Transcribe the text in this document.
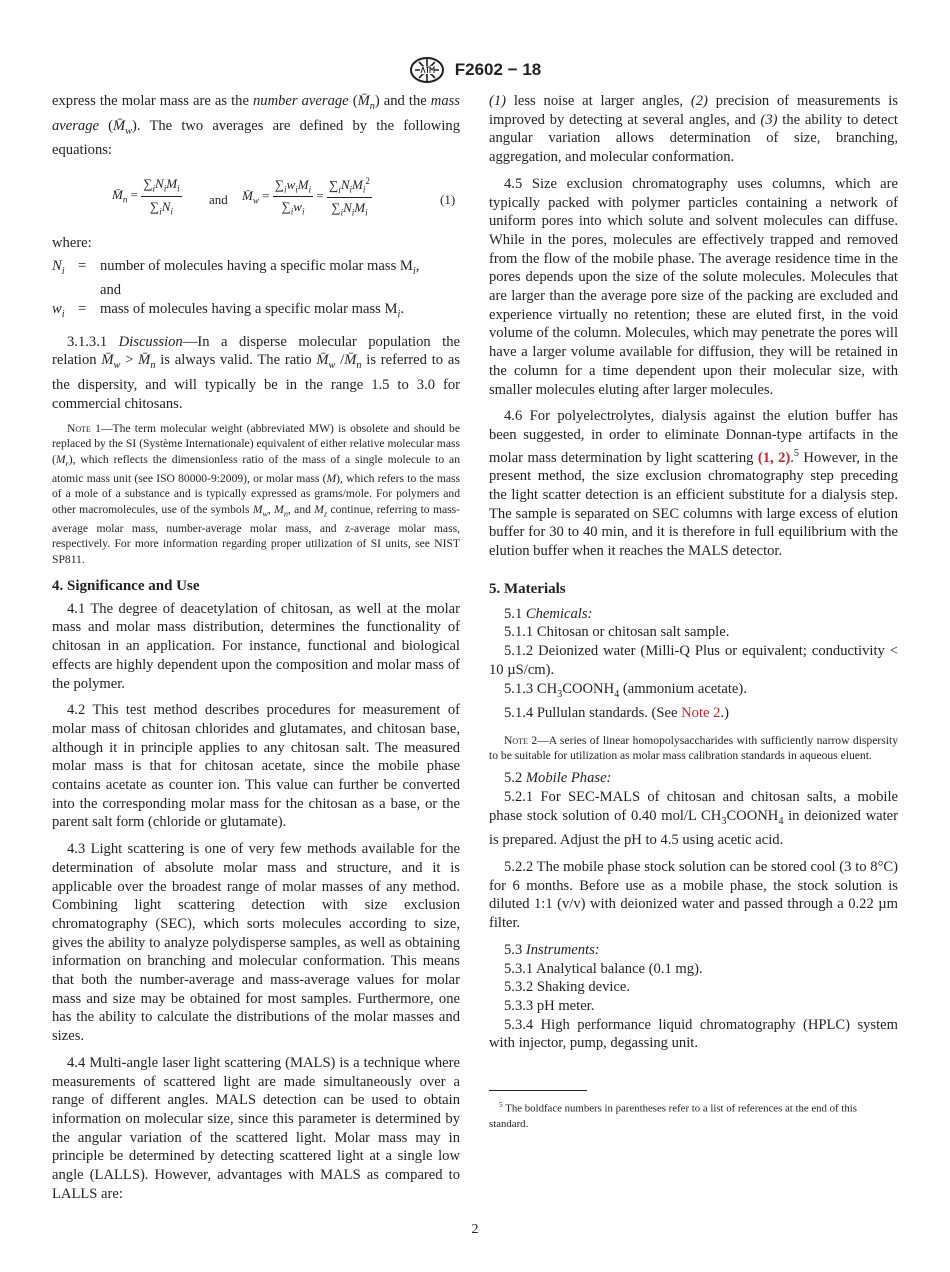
F2602 − 18

express the molar mass are as the number average $(M̄_n)$ and the mass average $(M̄_w)$. The two averages are defined by the following equations:

$M̄_n = \frac{\sum_iN_iM_i}{\sum_iN_i}$ and $M̄_w = \frac{\sum_iw_iM_i}{\sum_iw_i} = \frac{\sum_iN_iM_i^2}{\sum_iN_iM_i}$	(1)

where:

$N_i$ = number of molecules having a specific molar mass $M_i$,
and
$w_i$ = mass of molecules having a specific molar mass $M_i$.

3.1.3.1 Discussion—In a disperse molecular population the relation $M̄_w$ > $M̄_n$ is always valid. The ratio $M̄_w$ $/M̄_n$ is referred to as the dispersity, and will typically be in the range 1.5 to 3.0 for commercial chitosans.

Note 1—The term molecular weight (abbreviated MW) is obsolete and should be replaced by the SI (Système Internationale) equivalent of either relative molecular mass $(M_r)$, which reflects the dimensionless ratio of the mass of a single molecule to an atomic mass unit (see ISO 80000-9:2009), or molar mass (M), which refers to the mass of a mole of a substance and is typically expressed as grams/mole. For polymers and other macromolecules, use of the symbols $M_w$, $M_n$, and $M_z$ continue, referring to mass-average molar mass, number-average molar mass, and z-average molar mass, respectively. For more information regarding proper utilization of SI units, see NIST SP811.

4. Significance and Use

4.1 The degree of deacetylation of chitosan, as well at the molar mass and molar mass distribution, determines the functionality of chitosan in an application. For instance, functional and biological effects are highly dependent upon the composition and molar mass of the polymer.

4.2 This test method describes procedures for measurement of molar mass of chitosan chlorides and glutamates, and chitosan base, although it in principle applies to any chitosan salt. The measured molar mass is that for chitosan acetate, since the mobile phase contains acetate as counter ion. This value can further be converted into the corresponding molar mass for the chitosan as a base, or the parent salt form (chloride or glutamate).

4.3 Light scattering is one of very few methods available for the determination of absolute molar mass and structure, and it is applicable over the broadest range of molar masses of any method. Combining light scattering detection with size exclusion chromatography (SEC), which sorts molecules according to size, gives the ability to analyze polydisperse samples, as well as obtaining information on branching and molecular conformation. This means that both the number-average and mass-average values for molar mass and size may be obtained for most samples. Furthermore, one has the ability to calculate the distributions of the molar masses and sizes.

4.4 Multi-angle laser light scattering (MALS) is a technique where measurements of scattered light are made simultaneously over a range of different angles. MALS detection can be used to obtain information on molecular size, since this parameter is determined by the angular variation of the scattered light. Molar mass may in principle be determined by detecting scattered light at a single low angle (LALLS). However, advantages with MALS as compared to LALLS are:

(1) less noise at larger angles, (2) precision of measurements is improved by detecting at several angles, and (3) the ability to detect angular variation allows determination of size, branching, aggregation, and molecular conformation.

4.5 Size exclusion chromatography uses columns, which are typically packed with polymer particles containing a network of uniform pores into which solute and solvent molecules can diffuse. While in the pores, molecules are effectively trapped and removed from the flow of the mobile phase. The average residence time in the pores depends upon the size of the solute molecules. Molecules that are larger than the average pore size of the packing are excluded and experience virtually no retention; these are eluted first, in the void volume of the column. Molecules, which may penetrate the pores will have a larger volume available for diffusion, they will be retained in the column for a time dependent upon their molecular size, with smaller molecules eluting after larger molecules.

4.6 For polyelectrolytes, dialysis against the elution buffer has been suggested, in order to eliminate Donnan-type artifacts in the molar mass determination by light scattering (1, 2).$^5$ However, in the present method, the size exclusion chromatography step preceding the light scatter detection is an efficient substitute for a dialysis step. The sample is separated on SEC columns with large excess of elution buffer for 30 to 40 min, and it is therefore in full equilibrium with the elution buffer when it reaches the MALS detector.

5. Materials

5.1 Chemicals:

5.1.1 Chitosan or chitosan salt sample.

5.1.2 Deionized water (Milli-Q Plus or equivalent; conductivity < 10 µS/cm).

5.1.3 $CH_3COONH_4$ (ammonium acetate).

5.1.4 Pullulan standards. (See Note 2.)

Note 2—A series of linear homopolysaccharides with sufficiently narrow dispersity to be suitable for utilization as molar mass calibration standards in aqueous eluent.

5.2 Mobile Phase:

5.2.1 For SEC-MALS of chitosan and chitosan salts, a mobile phase stock solution of 0.40 mol/L $CH_3COONH_4$ in deionized water is prepared. Adjust the pH to 4.5 using acetic acid.

5.2.2 The mobile phase stock solution can be stored cool (3 to 8°C) for 6 months. Before use as a mobile phase, the stock solution is diluted 1:1 (v/v) with deionized water and passed through a 0.22 µm filter.

5.3 Instruments:

5.3.1 Analytical balance (0.1 mg).

5.3.2 Shaking device.

5.3.3 pH meter.

5.3.4 High performance liquid chromatography (HPLC) system with injector, pump, degassing unit.

$^5$ The boldface numbers in parentheses refer to a list of references at the end of this standard.

2
